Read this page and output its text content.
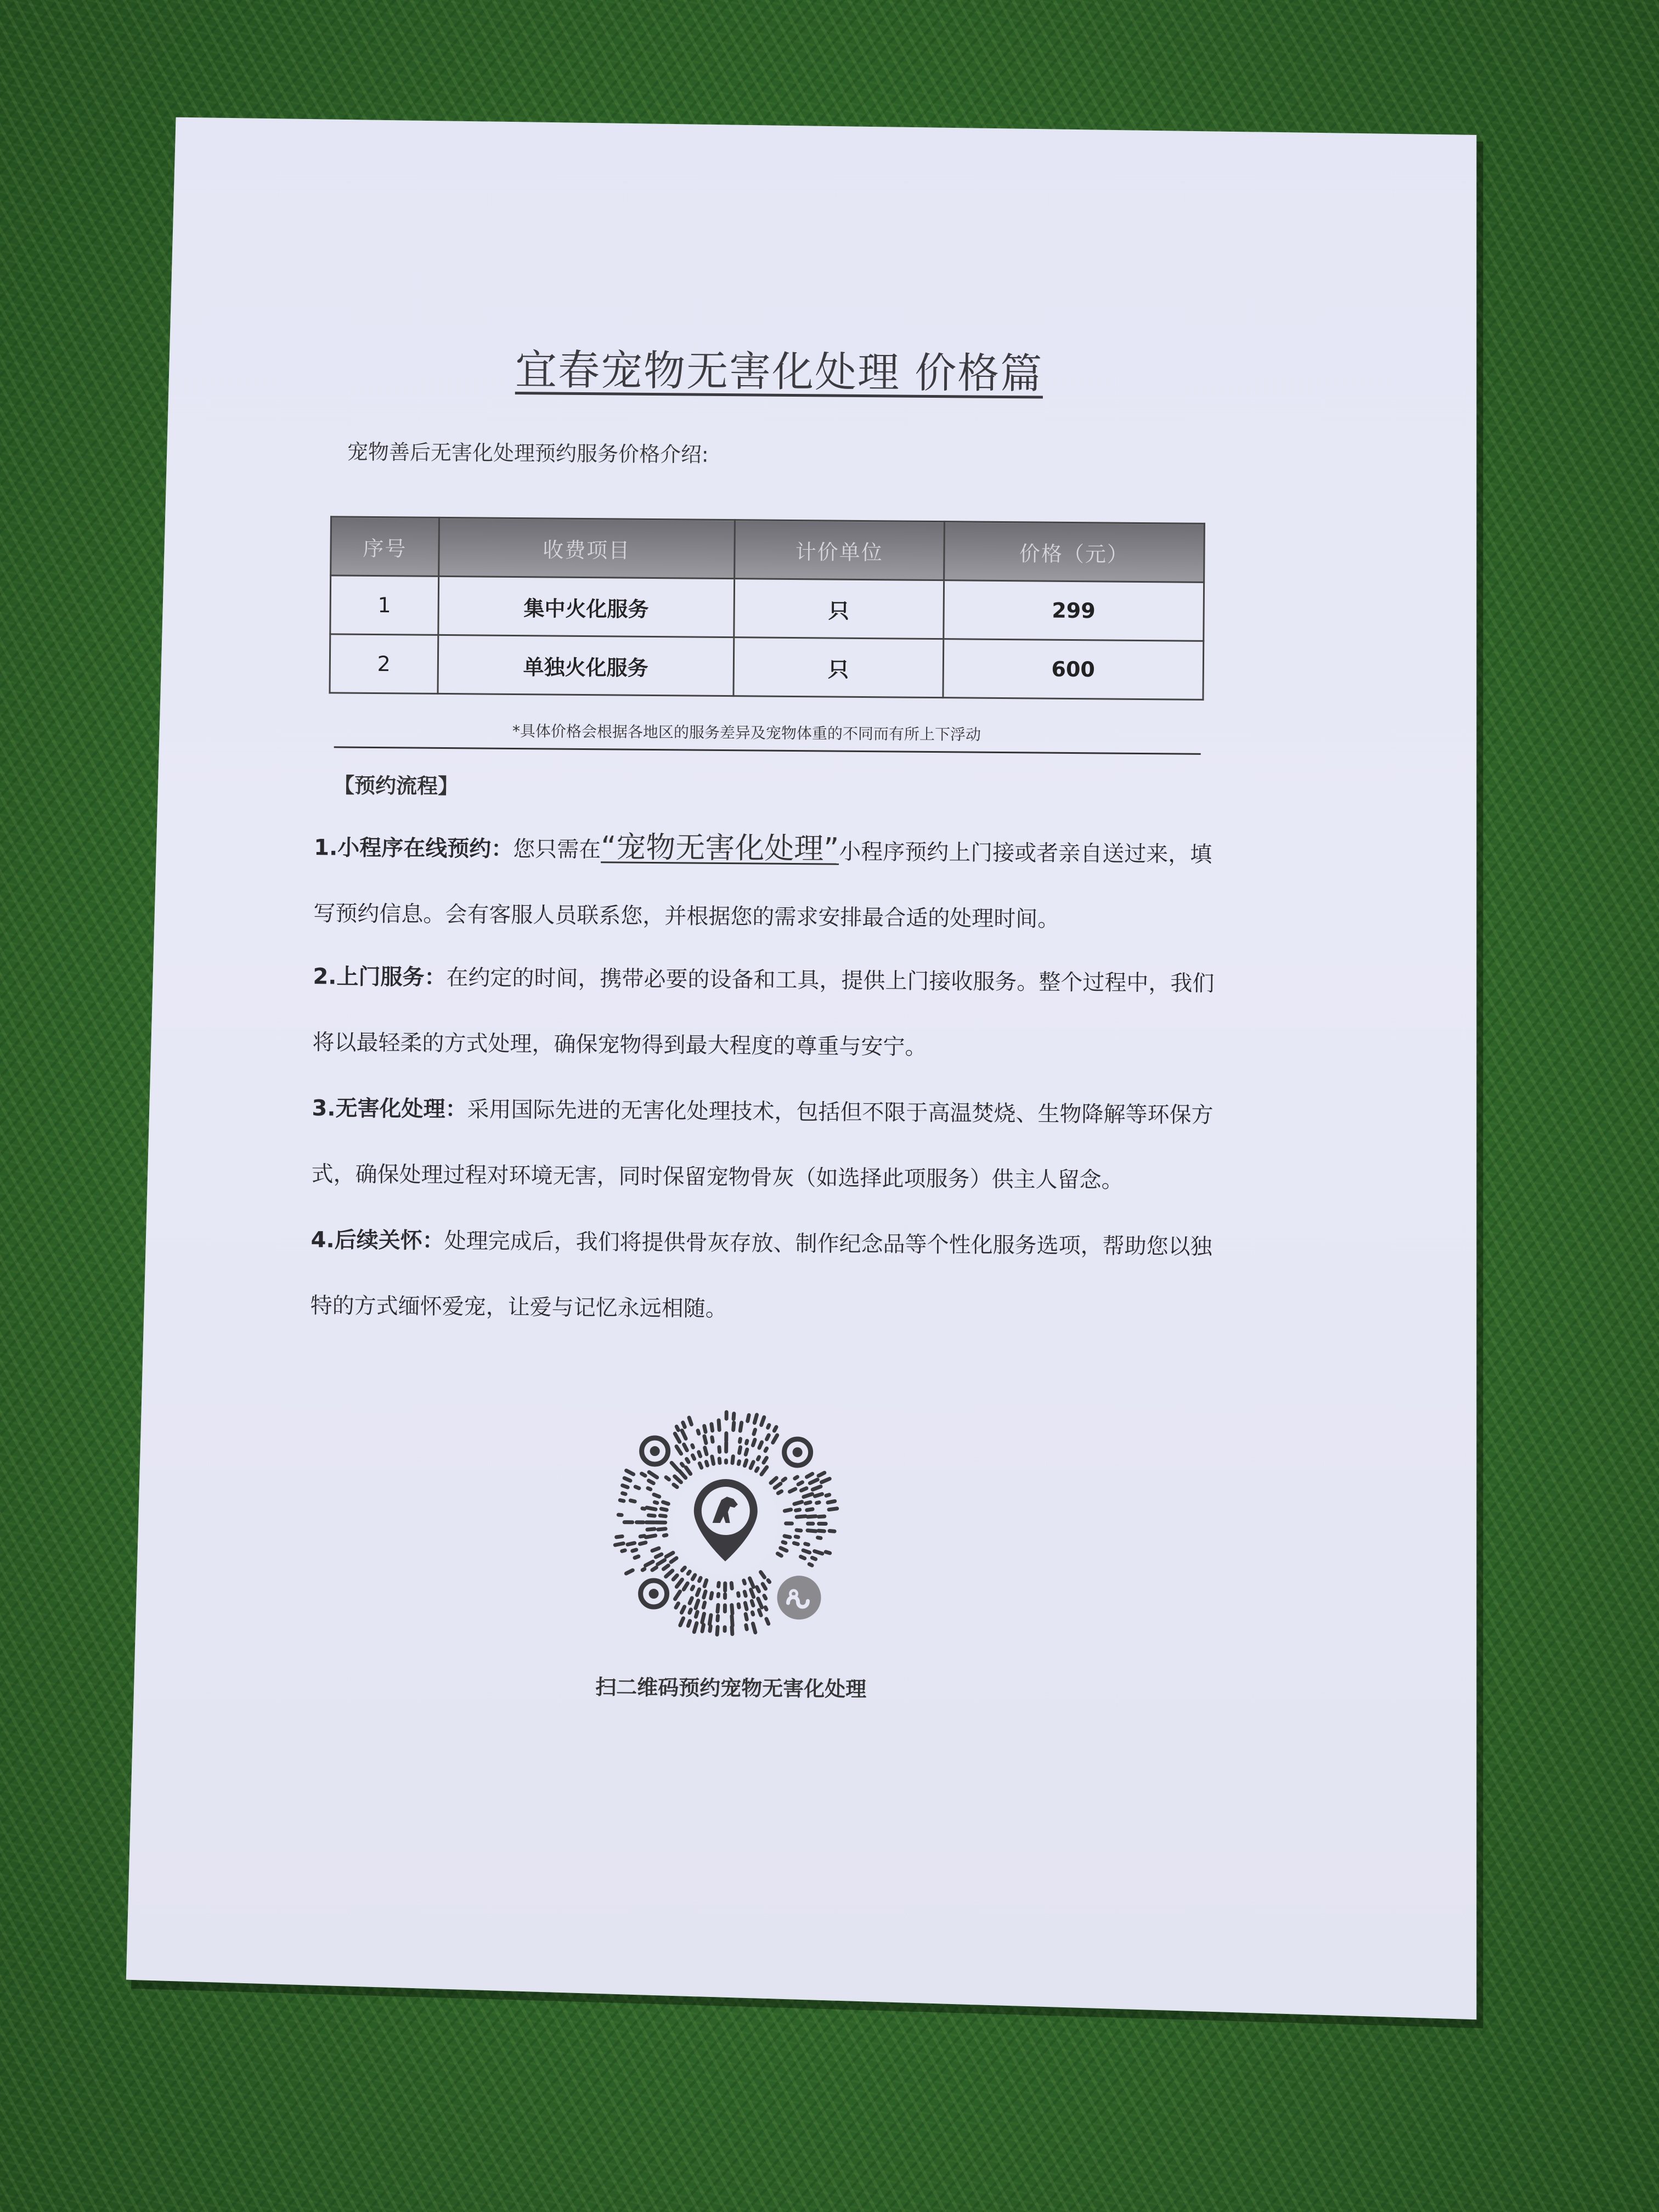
宜春宠物无害化处理 价格篇
宠物善后无害化处理预约服务价格介绍:
序号	收费项目	计价单位	价格（元）
1	集中火化服务	只	299
2	单独火化服务	只	600
*具体价格会根据各地区的服务差异及宠物体重的不同而有所上下浮动
【预约流程】
1.小程序在线预约：您只需在“宠物无害化处理”小程序预约上门接或者亲自送过来，填写预约信息。会有客服人员联系您，并根据您的需求安排最合适的处理时间。
2.上门服务：在约定的时间，携带必要的设备和工具，提供上门接收服务。整个过程中，我们将以最轻柔的方式处理，确保宠物得到最大程度的尊重与安宁。
3.无害化处理：采用国际先进的无害化处理技术，包括但不限于高温焚烧、生物降解等环保方式，确保处理过程对环境无害，同时保留宠物骨灰（如选择此项服务）供主人留念。
4.后续关怀：处理完成后，我们将提供骨灰存放、制作纪念品等个性化服务选项，帮助您以独特的方式缅怀爱宠，让爱与记忆永远相随。
扫二维码预约宠物无害化处理
